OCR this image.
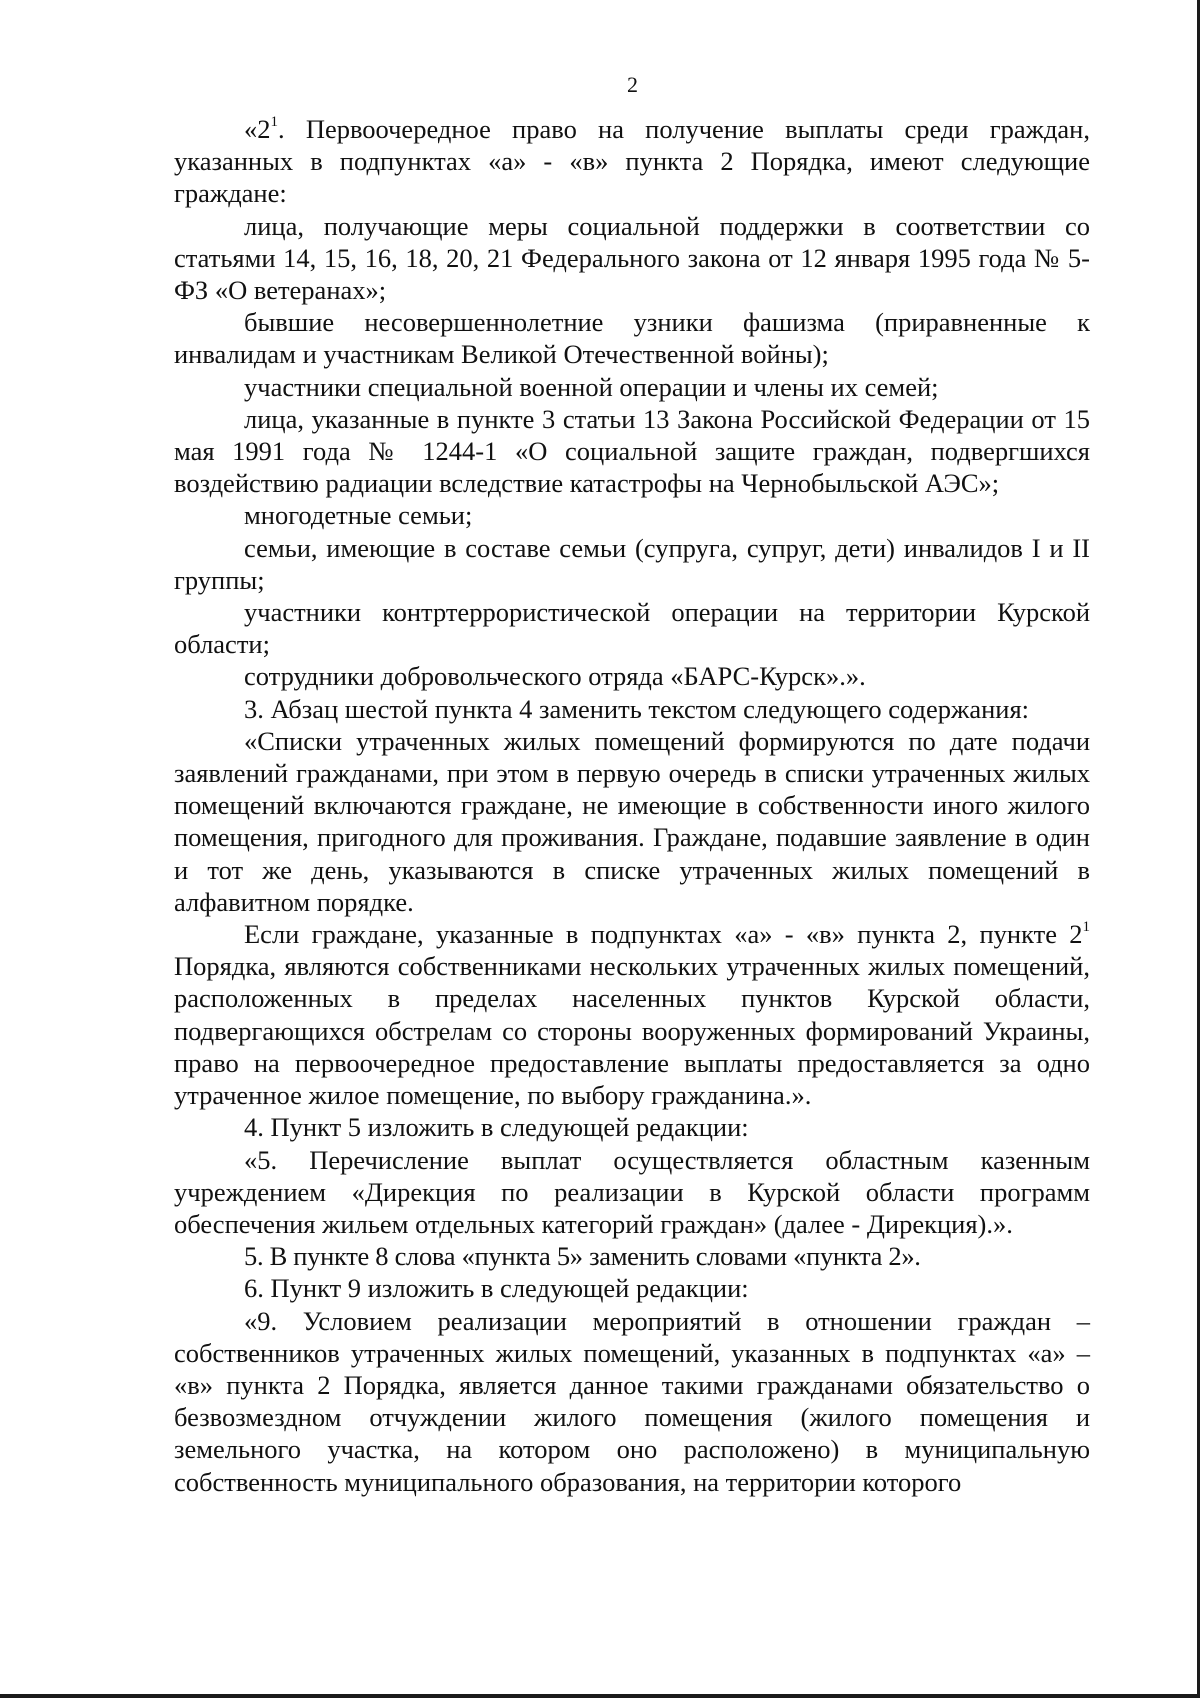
2

«$2^1$. Первоочередное право на получение выплаты среди граждан, указанных в подпунктах «а» - «в» пункта 2 Порядка, имеют следующие граждане:

лица, получающие меры социальной поддержки в соответствии со статьями 14, 15, 16, 18, 20, 21 Федерального закона от 12 января 1995 года № 5-ФЗ «О ветеранах»;

бывшие несовершеннолетние узники фашизма (приравненные к инвалидам и участникам Великой Отечественной войны);

участники специальной военной операции и члены их семей;

лица, указанные в пункте 3 статьи 13 Закона Российской Федерации от 15 мая 1991 года № 1244-1 «О социальной защите граждан, подвергшихся воздействию радиации вследствие катастрофы на Чернобыльской АЭС»;

многодетные семьи;

семьи, имеющие в составе семьи (супруга, супруг, дети) инвалидов I и II группы;

участники контртеррористической операции на территории Курской области;

сотрудники добровольческого отряда «БАРС-Курск».».

3. Абзац шестой пункта 4 заменить текстом следующего содержания:

«Списки утраченных жилых помещений формируются по дате подачи заявлений гражданами, при этом в первую очередь в списки утраченных жилых помещений включаются граждане, не имеющие в собственности иного жилого помещения, пригодного для проживания. Граждане, подавшие заявление в один и тот же день, указываются в списке утраченных жилых помещений в алфавитном порядке.

Если граждане, указанные в подпунктах «а» - «в» пункта 2, пункте $2^1$ Порядка, являются собственниками нескольких утраченных жилых помещений, расположенных в пределах населенных пунктов Курской области, подвергающихся обстрелам со стороны вооруженных формирований Украины, право на первоочередное предоставление выплаты предоставляется за одно утраченное жилое помещение, по выбору гражданина.».

4. Пункт 5 изложить в следующей редакции:

«5. Перечисление выплат осуществляется областным казенным учреждением «Дирекция по реализации в Курской области программ обеспечения жильем отдельных категорий граждан» (далее - Дирекция).».

5. В пункте 8 слова «пункта 5» заменить словами «пункта 2».

6. Пункт 9 изложить в следующей редакции:

«9. Условием реализации мероприятий в отношении граждан – собственников утраченных жилых помещений, указанных в подпунктах «а» – «в» пункта 2 Порядка, является данное такими гражданами обязательство о безвозмездном отчуждении жилого помещения (жилого помещения и земельного участка, на котором оно расположено) в муниципальную собственность муниципального образования, на территории которого
